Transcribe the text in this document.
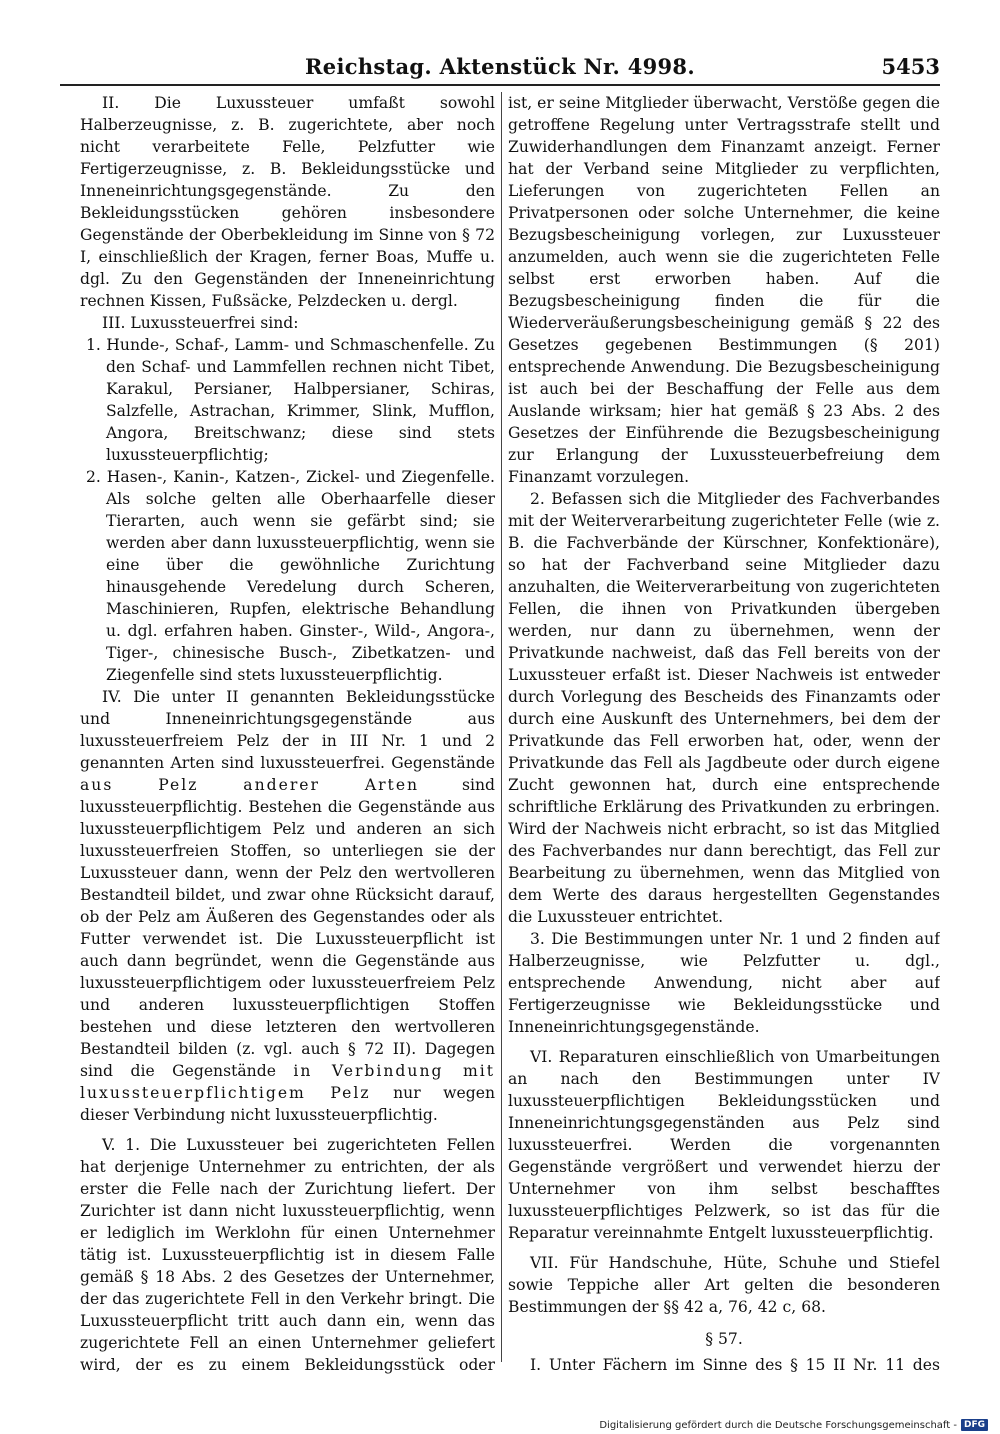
Reichstag. Aktenstück Nr. 4998.	5453

II. Die Luxussteuer umfaßt sowohl Halberzeugnisse, z. B. zugerichtete, aber noch nicht verarbeitete Felle, Pelzfutter wie Fertigerzeugnisse, z. B. Bekleidungsstücke und Inneneinrichtungsgegenstände. Zu den Bekleidungsstücken gehören insbesondere Gegenstände der Oberbekleidung im Sinne von § 72 I, einschließlich der Kragen, ferner Boas, Muffe u. dgl. Zu den Gegenständen der Inneneinrichtung rechnen Kissen, Fußsäcke, Pelzdecken u. dergl.

III. Luxussteuerfrei sind:

1. Hunde-, Schaf-, Lamm- und Schmaschenfelle. Zu den Schaf- und Lammfellen rechnen nicht Tibet, Karakul, Persianer, Halbpersianer, Schiras, Salzfelle, Astrachan, Krimmer, Slink, Mufflon, Angora, Breitschwanz; diese sind stets luxussteuerpflichtig;

2. Hasen-, Kanin-, Katzen-, Zickel- und Ziegenfelle. Als solche gelten alle Oberhaarfelle dieser Tierarten, auch wenn sie gefärbt sind; sie werden aber dann luxussteuerpflichtig, wenn sie eine über die gewöhnliche Zurichtung hinausgehende Veredelung durch Scheren, Maschinieren, Rupfen, elektrische Behandlung u. dgl. erfahren haben. Ginster-, Wild-, Angora-, Tiger-, chinesische Busch-, Zibetkatzen- und Ziegenfelle sind stets luxussteuerpflichtig.

IV. Die unter II genannten Bekleidungsstücke und Inneneinrichtungsgegenstände aus luxussteuerfreiem Pelz der in III Nr. 1 und 2 genannten Arten sind luxussteuerfrei. Gegenstände aus Pelz anderer Arten sind luxussteuerpflichtig. Bestehen die Gegenstände aus luxussteuerpflichtigem Pelz und anderen an sich luxussteuerfreien Stoffen, so unterliegen sie der Luxussteuer dann, wenn der Pelz den wertvolleren Bestandteil bildet, und zwar ohne Rücksicht darauf, ob der Pelz am Äußeren des Gegenstandes oder als Futter verwendet ist. Die Luxussteuerpflicht ist auch dann begründet, wenn die Gegenstände aus luxussteuerpflichtigem oder luxussteuerfreiem Pelz und anderen luxussteuerpflichtigen Stoffen bestehen und diese letzteren den wertvolleren Bestandteil bilden (z. vgl. auch § 72 II). Dagegen sind die Gegenstände in Verbindung mit luxussteuerpflichtigem Pelz nur wegen dieser Verbindung nicht luxussteuerpflichtig.

V. 1. Die Luxussteuer bei zugerichteten Fellen hat derjenige Unternehmer zu entrichten, der als erster die Felle nach der Zurichtung liefert. Der Zurichter ist dann nicht luxussteuerpflichtig, wenn er lediglich im Werklohn für einen Unternehmer tätig ist. Luxussteuerpflichtig ist in diesem Falle gemäß § 18 Abs. 2 des Gesetzes der Unternehmer, der das zugerichtete Fell in den Verkehr bringt. Die Luxussteuerpflicht tritt auch dann ein, wenn das zugerichtete Fell an einen Unternehmer geliefert wird, der es zu einem Bekleidungsstück oder

ist, er seine Mitglieder überwacht, Verstöße gegen die getroffene Regelung unter Vertragsstrafe stellt und Zuwiderhandlungen dem Finanzamt anzeigt. Ferner hat der Verband seine Mitglieder zu verpflichten, Lieferungen von zugerichteten Fellen an Privatpersonen oder solche Unternehmer, die keine Bezugsbescheinigung vorlegen, zur Luxussteuer anzumelden, auch wenn sie die zugerichteten Felle selbst erst erworben haben. Auf die Bezugsbescheinigung finden die für die Wiederveräußerungsbescheinigung gemäß § 22 des Gesetzes gegebenen Bestimmungen (§ 201) entsprechende Anwendung. Die Bezugsbescheinigung ist auch bei der Beschaffung der Felle aus dem Auslande wirksam; hier hat gemäß § 23 Abs. 2 des Gesetzes der Einführende die Bezugsbescheinigung zur Erlangung der Luxussteuerbefreiung dem Finanzamt vorzulegen.

2. Befassen sich die Mitglieder des Fachverbandes mit der Weiterverarbeitung zugerichteter Felle (wie z. B. die Fachverbände der Kürschner, Konfektionäre), so hat der Fachverband seine Mitglieder dazu anzuhalten, die Weiterverarbeitung von zugerichteten Fellen, die ihnen von Privatkunden übergeben werden, nur dann zu übernehmen, wenn der Privatkunde nachweist, daß das Fell bereits von der Luxussteuer erfaßt ist. Dieser Nachweis ist entweder durch Vorlegung des Bescheids des Finanzamts oder durch eine Auskunft des Unternehmers, bei dem der Privatkunde das Fell erworben hat, oder, wenn der Privatkunde das Fell als Jagdbeute oder durch eigene Zucht gewonnen hat, durch eine entsprechende schriftliche Erklärung des Privatkunden zu erbringen. Wird der Nachweis nicht erbracht, so ist das Mitglied des Fachverbandes nur dann berechtigt, das Fell zur Bearbeitung zu übernehmen, wenn das Mitglied von dem Werte des daraus hergestellten Gegenstandes die Luxussteuer entrichtet.

3. Die Bestimmungen unter Nr. 1 und 2 finden auf Halberzeugnisse, wie Pelzfutter u. dgl., entsprechende Anwendung, nicht aber auf Fertigerzeugnisse wie Bekleidungsstücke und Inneneinrichtungsgegenstände.

VI. Reparaturen einschließlich von Umarbeitungen an nach den Bestimmungen unter IV luxussteuerpflichtigen Bekleidungsstücken und Inneneinrichtungsgegenständen aus Pelz sind luxussteuerfrei. Werden die vorgenannten Gegenstände vergrößert und verwendet hierzu der Unternehmer von ihm selbst beschafftes luxussteuerpflichtiges Pelzwerk, so ist das für die Reparatur vereinnahmte Entgelt luxussteuerpflichtig.

VII. Für Handschuhe, Hüte, Schuhe und Stiefel sowie Teppiche aller Art gelten die besonderen Bestimmungen der §§ 42 a, 76, 42 c, 68.

§ 57.

I. Unter Fächern im Sinne des § 15 II Nr. 11 des

Digitalisierung gefördert durch die Deutsche Forschungsgemeinschaft - DFG
